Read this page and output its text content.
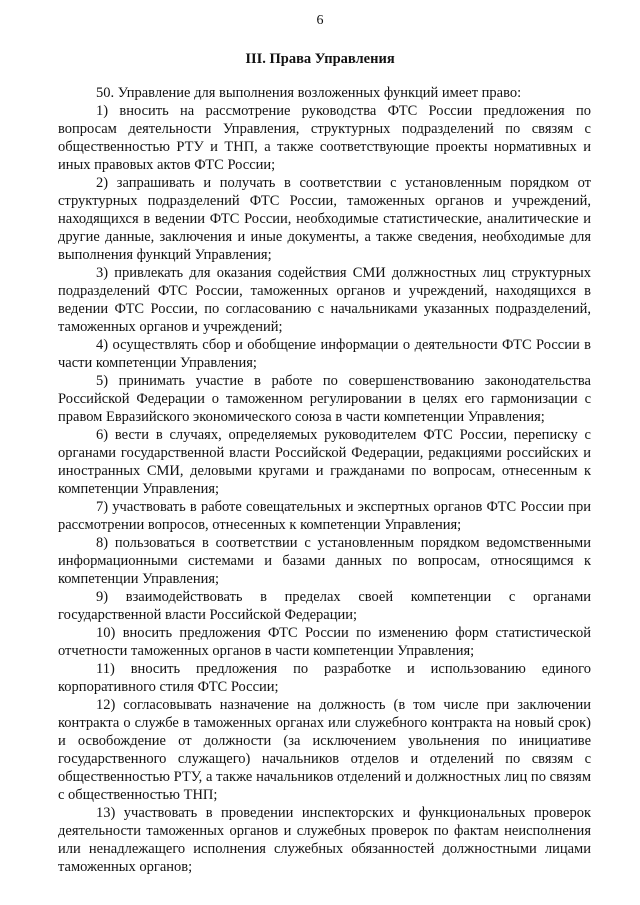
6
III. Права Управления

50. Управление для выполнения возложенных функций имеет право:

1) вносить на рассмотрение руководства ФТС России предложения по вопросам деятельности Управления, структурных подразделений по связям с общественностью РТУ и ТНП, а также соответствующие проекты нормативных и иных правовых актов ФТС России;

2) запрашивать и получать в соответствии с установленным порядком от структурных подразделений ФТС России, таможенных органов и учреждений, находящихся в ведении ФТС России, необходимые статистические, аналитические и другие данные, заключения и иные документы, а также сведения, необходимые для выполнения функций Управления;

3) привлекать для оказания содействия СМИ должностных лиц структурных подразделений ФТС России, таможенных органов и учреждений, находящихся в ведении ФТС России, по согласованию с начальниками указанных подразделений, таможенных органов и учреждений;

4) осуществлять сбор и обобщение информации о деятельности ФТС России в части компетенции Управления;

5) принимать участие в работе по совершенствованию законодательства Российской Федерации о таможенном регулировании в целях его гармонизации с правом Евразийского экономического союза в части компетенции Управления;

6) вести в случаях, определяемых руководителем ФТС России, переписку с органами государственной власти Российской Федерации, редакциями российских и иностранных СМИ, деловыми кругами и гражданами по вопросам, отнесенным к компетенции Управления;

7) участвовать в работе совещательных и экспертных органов ФТС России при рассмотрении вопросов, отнесенных к компетенции Управления;

8) пользоваться в соответствии с установленным порядком ведомственными информационными системами и базами данных по вопросам, относящимся к компетенции Управления;

9) взаимодействовать в пределах своей компетенции с органами государственной власти Российской Федерации;

10) вносить предложения ФТС России по изменению форм статистической отчетности таможенных органов в части компетенции Управления;

11) вносить предложения по разработке и использованию единого корпоративного стиля ФТС России;

12) согласовывать назначение на должность (в том числе при заключении контракта о службе в таможенных органах или служебного контракта на новый срок) и освобождение от должности (за исключением увольнения по инициативе государственного служащего) начальников отделов и отделений по связям с общественностью РТУ, а также начальников отделений и должностных лиц по связям с общественностью ТНП;

13) участвовать в проведении инспекторских и функциональных проверок деятельности таможенных органов и служебных проверок по фактам неисполнения или ненадлежащего исполнения служебных обязанностей должностными лицами таможенных органов;
